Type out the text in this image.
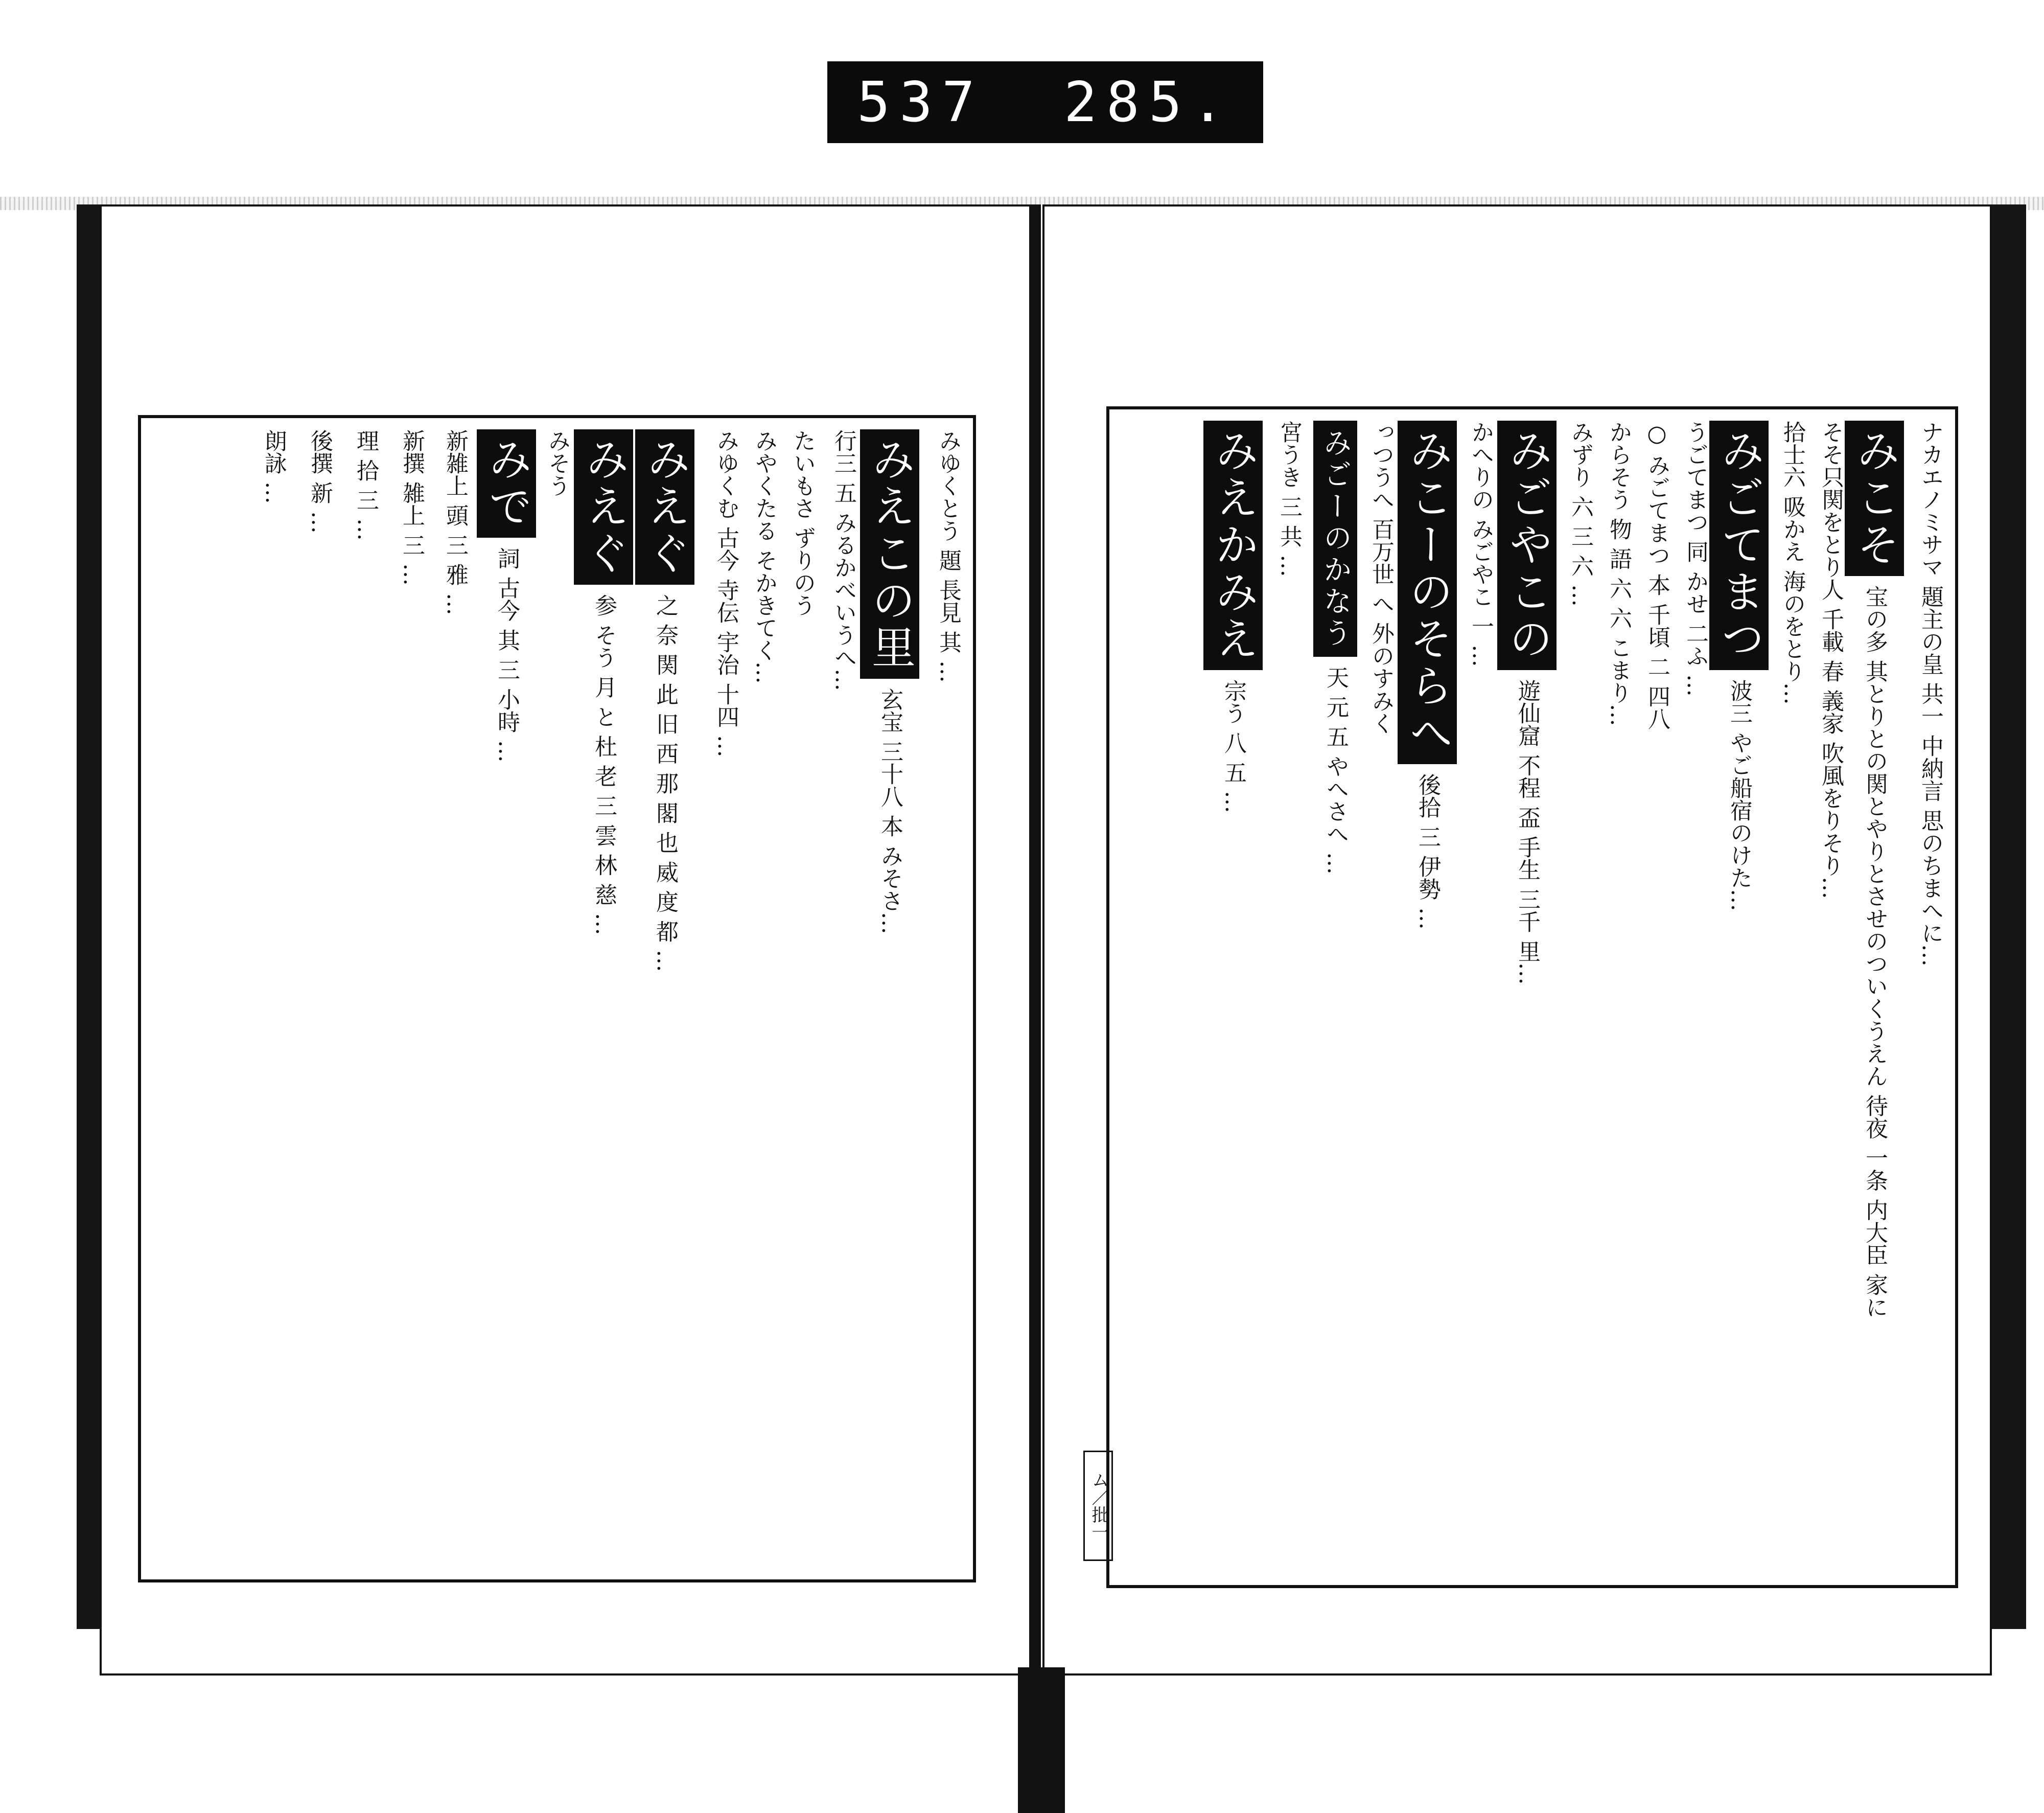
537 285.
みゆくとう 題 長見 其 …
みえこの里玄宝 三十八 本 みそさ…
行三 五 みるかべいうへ…
たいもさ ずりのう
みやくたる そかきてく…
みゆくむ 古今 寺伝 宇治 十四 …
みえぐ之 奈 関 此 旧 西 那 閣 也 威 度 都 …
みえぐ参 そう 月 と 杜 老 三 雲 林 慈 …
みそう
みで詞 古今 其 三 小時 …
新雑上 頭 三 雅 …
新撰 雑上 三 …
理 拾 三 …
後撰 新 …
朗詠 …	ナカエノミサマ 題主の皇 共一 中納言 思のちまへに…
みこそ宝の多 其とりとの関とやりとさせのついくうえん 待夜 一条 内大臣 家に
そそ只関をとり人 千載 春 義家 吹風をりそり…
拾士六 吸かえ 海のをとり…
みごてまつ波三 やご船宿のけた…
うごてまつ 同 かせ 二ふ …
○ みごてまつ 本 千頃 二 四八
からそう 物 語 六 六 こまり…
みずり 六 三 六 …
みごやこの遊仙窟 不程 盃 手生 三千 里…
かへりの みごやこ 一 …
みこーのそらへ後拾 三 伊勢 …
っつうへ 百万世 へ 外のすみく
みごーのかなう天 元 五 やへさへ …
宮うき 三 共 …
みえかみえ宗う 八 五 …
ム／批一
